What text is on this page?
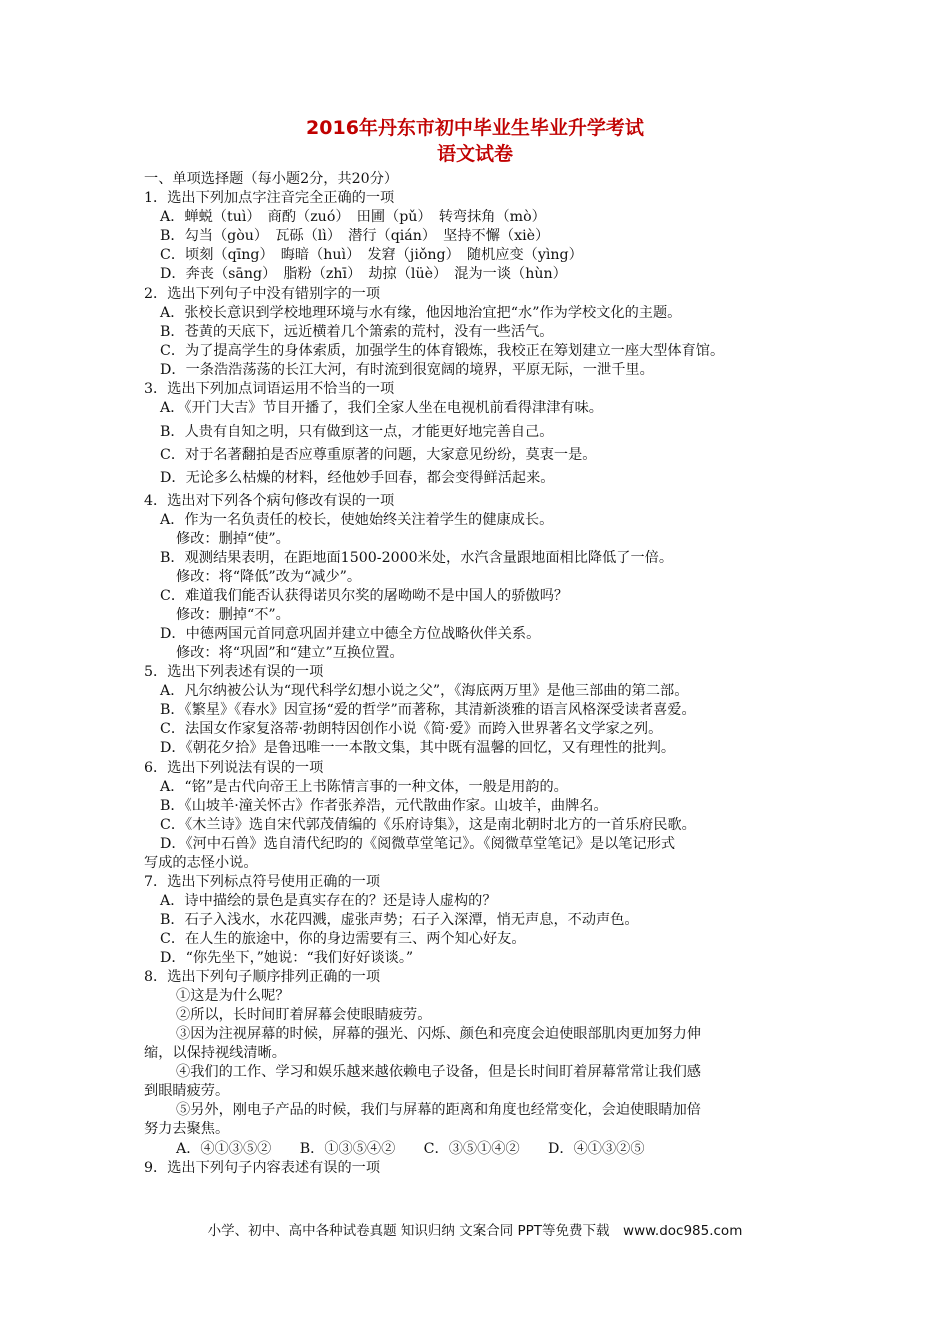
2016年丹东市初中毕业生毕业升学考试
语文试卷
一、单项选择题（每小题2分，共20分）
1．选出下列加点字注音完全正确的一项
A．蝉蜕（tuì）　商酌（zuó）　田圃（pǔ）　转弯抹角（mò）
B．勾当（gòu）　瓦砾（lì）　潜行（qián）　坚持不懈（xiè）
C．顷刻（qīng）　晦暗（huì）　发窘（jiǒng）　随机应变（yìng）
D．奔丧（sāng）　脂粉（zhī）　劫掠（lüè）　混为一谈（hùn）
2．选出下列句子中没有错别字的一项
A．张校长意识到学校地理环境与水有缘，他因地治宜把“水”作为学校文化的主题。
B．苍黄的天底下，远近横着几个箫索的荒村，没有一些活气。
C．为了提高学生的身体索质，加强学生的体育锻炼，我校正在筹划建立一座大型体育馆。
D．一条浩浩荡荡的长江大河，有时流到很宽阔的境界，平原无际，一泄千里。
3．选出下列加点词语运用不恰当的一项
A．《开门大吉》节目开播了，我们全家人坐在电视机前看得津津有味。
B．人贵有自知之明，只有做到这一点，才能更好地完善自己。
C．对于名著翻拍是否应尊重原著的问题，大家意见纷纷，莫衷一是。
D．无论多么枯燥的材料，经他妙手回春，都会变得鲜活起来。
4．选出对下列各个病句修改有误的一项
A．作为一名负责任的校长，使她始终关注着学生的健康成长。
修改：删掉“使”。
B．观测结果表明，在距地面1500-2000米处，水汽含量跟地面相比降低了一倍。
修改：将“降低”改为“减少”。
C．难道我们能否认获得诺贝尔奖的屠呦呦不是中国人的骄傲吗？
修改：删掉“不”。
D．中德两国元首同意巩固并建立中德全方位战略伙伴关系。
修改：将“巩固”和“建立”互换位置。
5．选出下列表述有误的一项
A．凡尔纳被公认为“现代科学幻想小说之父”，《海底两万里》是他三部曲的第二部。
B．《繁星》《春水》因宣扬“爱的哲学”而著称，其清新淡雅的语言风格深受读者喜爱。
C．法国女作家复洛蒂·勃朗特因创作小说《简·爱》而跨入世界著名文学家之列。
D．《朝花夕拾》是鲁迅唯一一本散文集，其中既有温馨的回忆，又有理性的批判。
6．选出下列说法有误的一项
A．“铭”是古代向帝王上书陈情言事的一种文体，一般是用韵的。
B．《山坡羊·潼关怀古》作者张养浩，元代散曲作家。山坡羊，曲牌名。
C．《木兰诗》选自宋代郭茂倩编的《乐府诗集》，这是南北朝时北方的一首乐府民歌。
D．《河中石兽》选自清代纪昀的《阅微草堂笔记》。《阅微草堂笔记》是以笔记形式
写成的志怪小说。
7．选出下列标点符号使用正确的一项
A．诗中描绘的景色是真实存在的？还是诗人虚构的？
B．石子入浅水，水花四溅，虚张声势；石子入深潭，悄无声息，不动声色。
C．在人生的旅途中，你的身边需要有三、两个知心好友。
D．“你先坐下，”她说：“我们好好谈谈。”
8．选出下列句子顺序排列正确的一项
①这是为什么呢？
②所以，长时间盯着屏幕会使眼睛疲劳。
③因为注视屏幕的时候，屏幕的强光、闪烁、颜色和亮度会迫使眼部肌肉更加努力伸
缩，以保持视线清晰。
④我们的工作、学习和娱乐越来越依赖电子设备，但是长时间盯着屏幕常常让我们感
到眼睛疲劳。
⑤另外，刚电子产品的时候，我们与屏幕的距离和角度也经常变化，会迫使眼睛加倍
努力去聚焦。
A．④①③⑤②　　B．①③⑤④②　　C．③⑤①④②　　D．④①③②⑤
9．选出下列句子内容表述有误的一项
小学、初中、高中各种试卷真题 知识归纳 文案合同 PPT等免费下载　www.doc985.com
